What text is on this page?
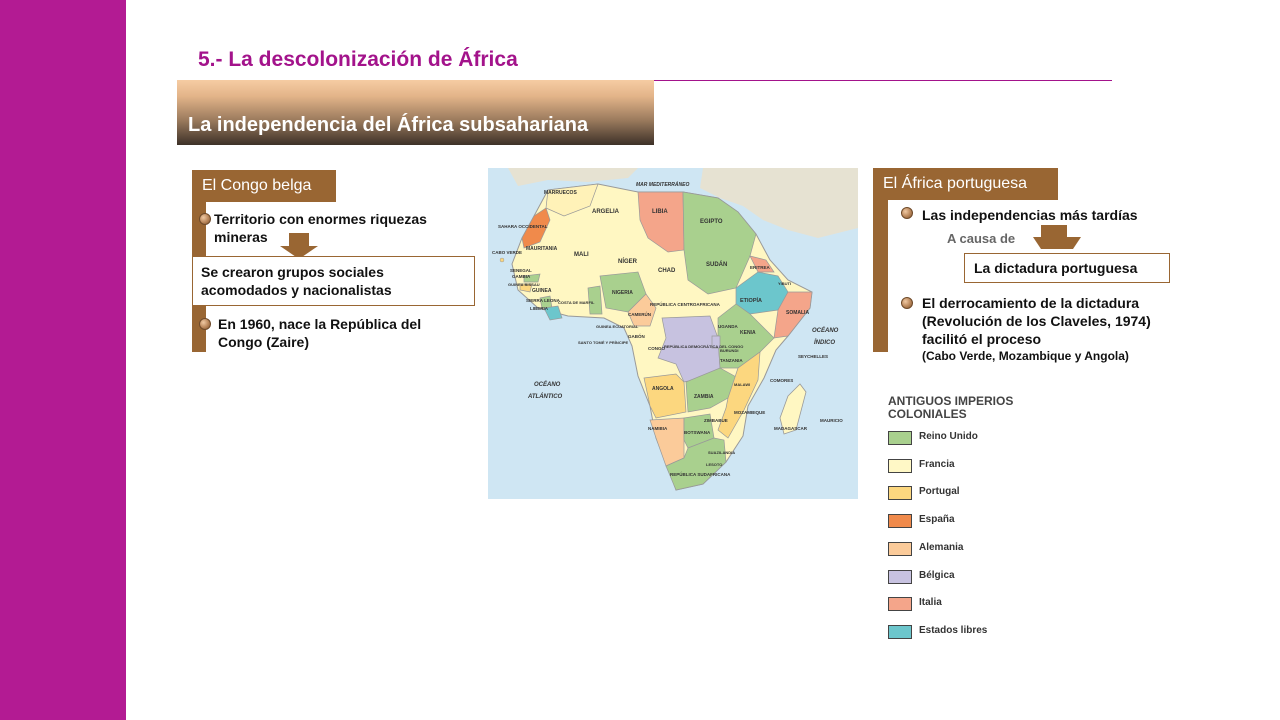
5.- La descolonización de África
La independencia del África subsahariana
El Congo belga
Territorio con enormes riquezas mineras
Se crearon grupos sociales acomodados y nacionalistas
En 1960, nace la República del Congo (Zaire)
MAR MEDITERRÁNEO
MARRUECOS
ARGELIA	LIBIA
EGIPTO
SAHARA OCCIDENTAL
MAURITANIA
MALI
NÍGER
CHAD
SUDÁN
CABO VERDE
SENEGAL
GAMBIA
GUINEA BISSAU
GUINEA
SIERRA LEONA
LIBERIA
COSTA DE MARFIL
NIGERIA
ERITREA
YIBUTI
ETIOPÍA
SOMALIA
REPÚBLICA CENTROAFRICANA
CAMERÚN
GUINEA ECUATORIAL
GABÓN
SANTO TOMÉ Y PRÍNCIPE
CONGO
REPÚBLICA DEMOCRÁTICA DEL CONGO
UGANDA
KENIA
BURUNDI
TANZANIA
SEYCHELLES
ANGOLA
ZAMBIA
MALAWI
COMORES
MOZAMBIQUE
ZIMBABUE
MADAGASCAR
MAURICIO
NAMIBIA
BOTSWANA
SUAZILANDIA
LESOTO
REPÚBLICA SUDAFRICANA
OCÉANO
ATLÁNTICO
OCÉANO
ÍNDICO
El África portuguesa
Las independencias más tardías
A causa de
La dictadura portuguesa
El derrocamiento de la dictadura (Revolución de los Claveles, 1974) facilitó el proceso
(Cabo Verde, Mozambique y Angola)
ANTIGUOS IMPERIOS COLONIALES
Reino Unido
Francia
Portugal
España
Alemania
Bélgica
Italia
Estados libres
